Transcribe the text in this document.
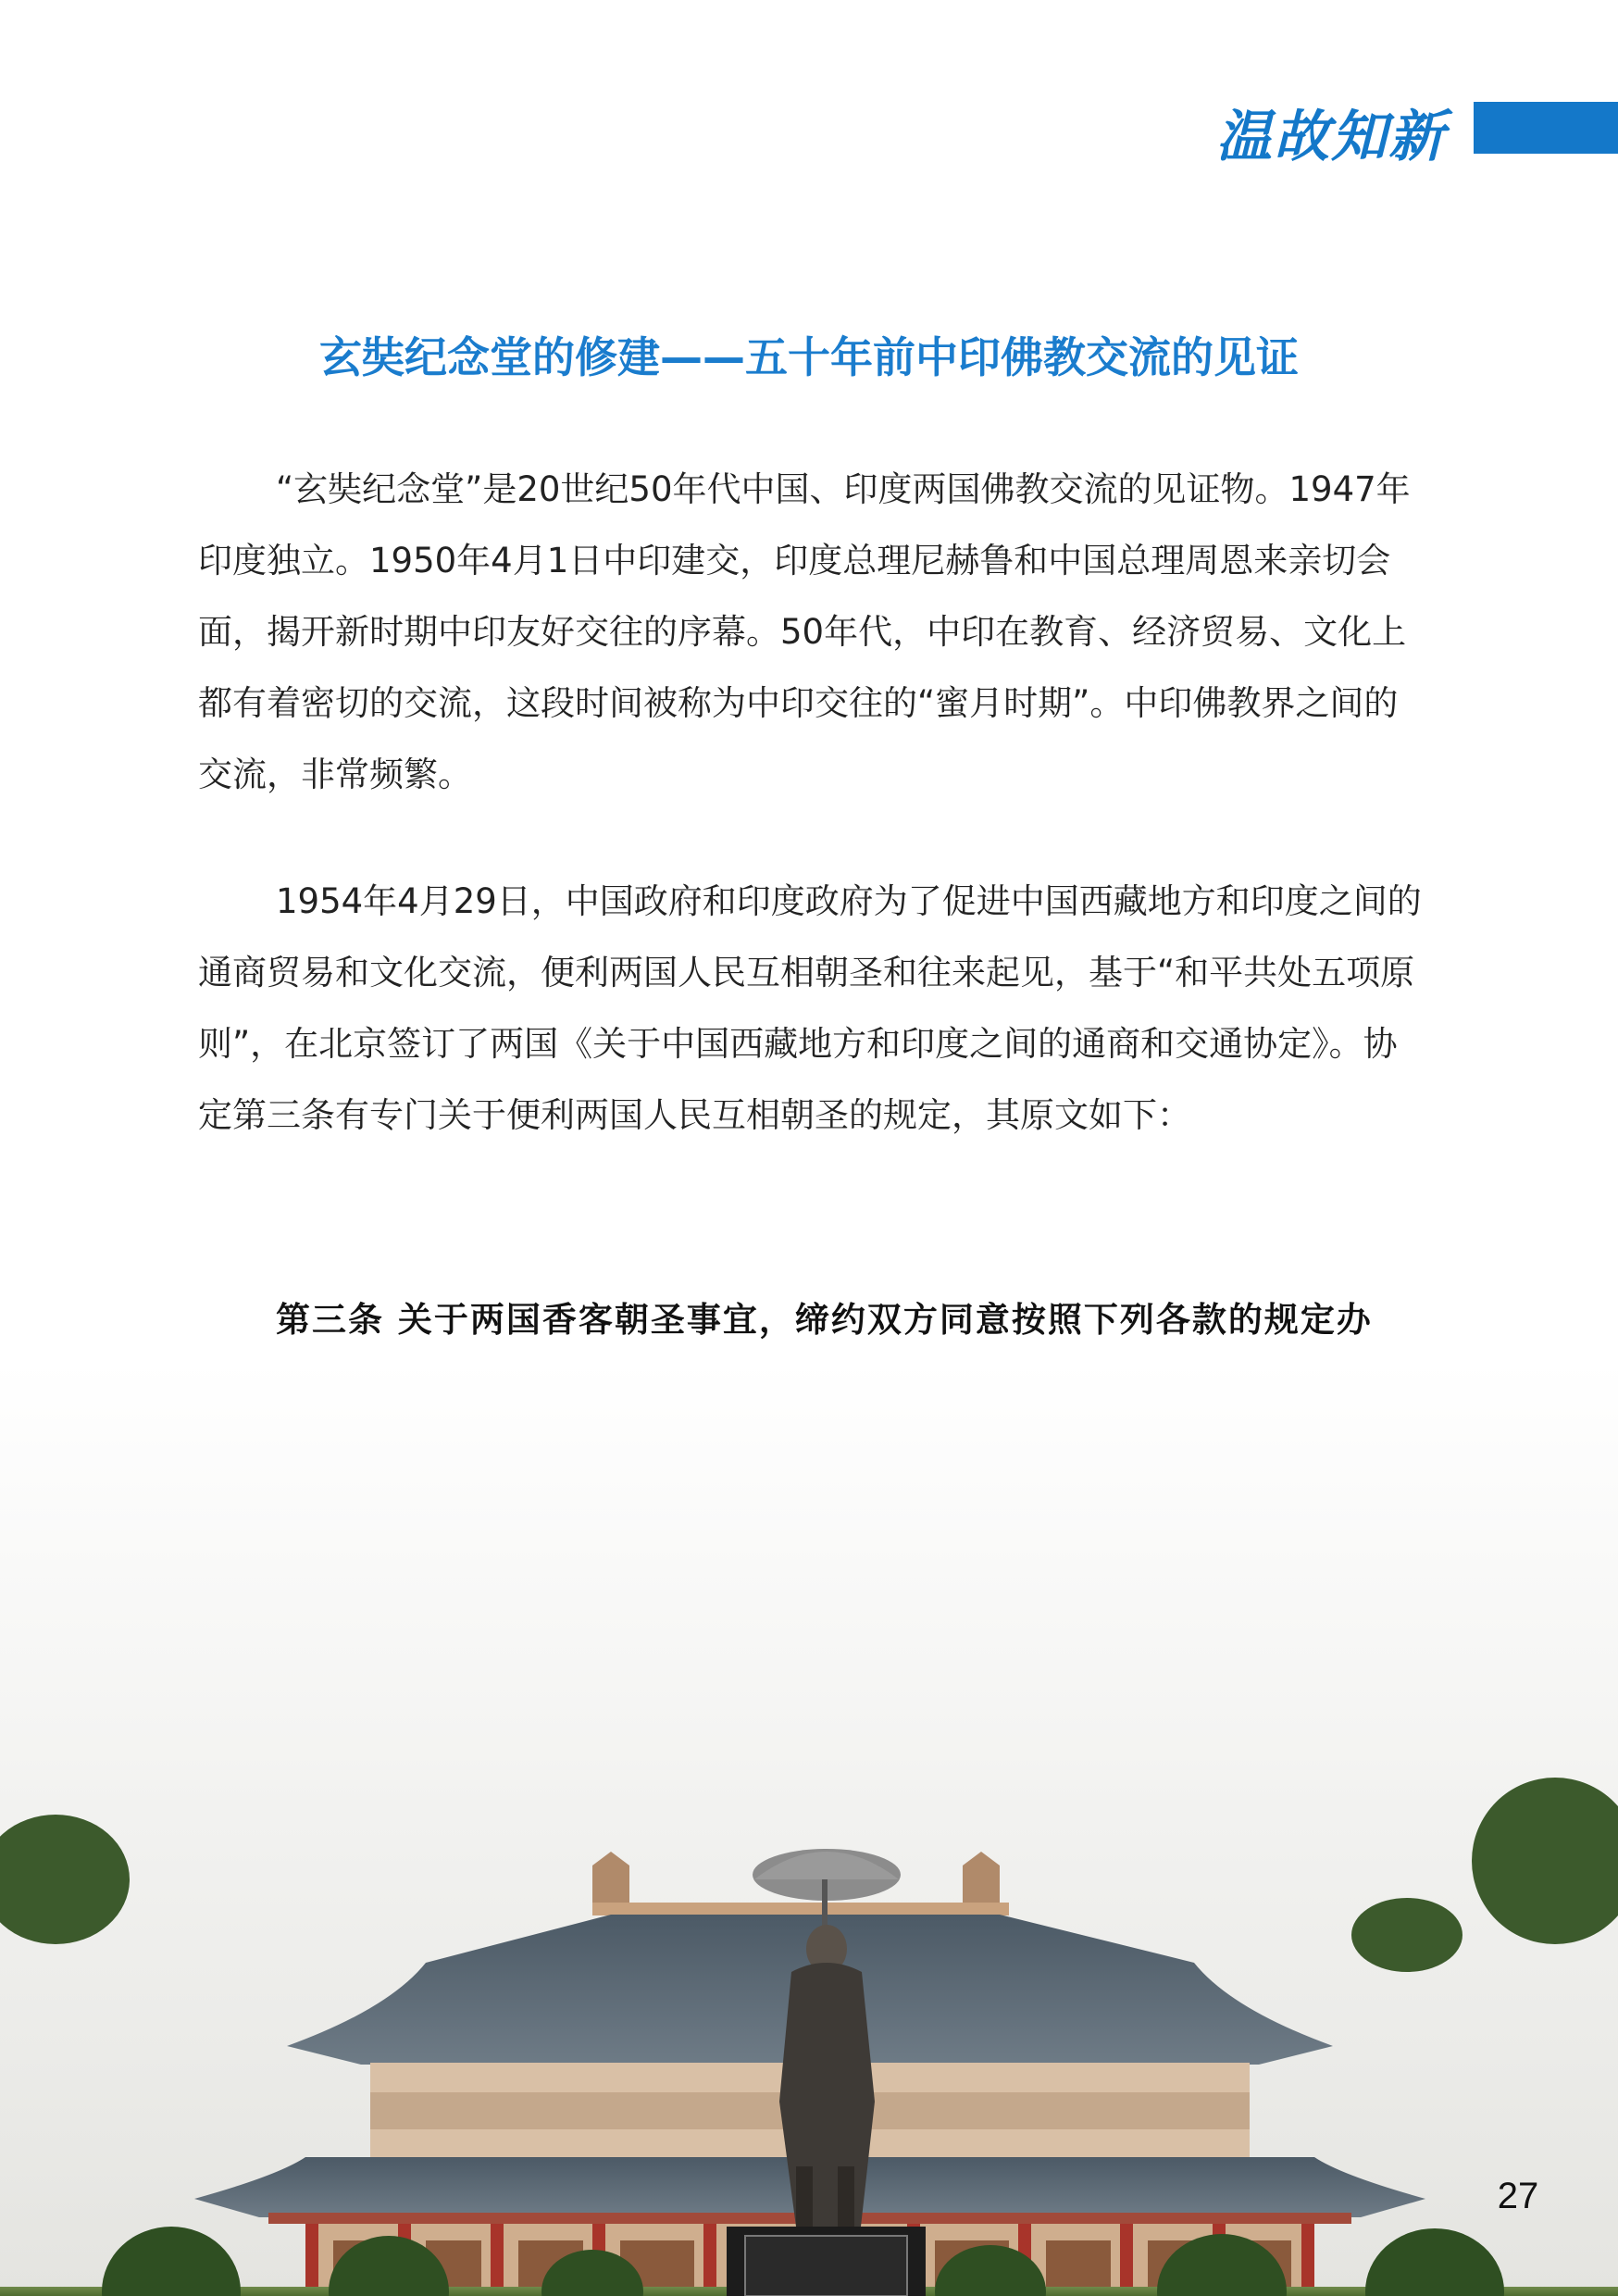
温故知新
玄奘纪念堂的修建——五十年前中印佛教交流的见证

“玄奘纪念堂”是20世纪50年代中国、印度两国佛教交流的见证物。1947年印度独立。1950年4月1日中印建交，印度总理尼赫鲁和中国总理周恩来亲切会面，揭开新时期中印友好交往的序幕。50年代，中印在教育、经济贸易、文化上都有着密切的交流，这段时间被称为中印交往的“蜜月时期”。中印佛教界之间的交流，非常频繁。

1954年4月29日，中国政府和印度政府为了促进中国西藏地方和印度之间的通商贸易和文化交流，便利两国人民互相朝圣和往来起见，基于“和平共处五项原则”，在北京签订了两国《关于中国西藏地方和印度之间的通商和交通协定》。协定第三条有专门关于便利两国人民互相朝圣的规定，其原文如下：

第三条 关于两国香客朝圣事宜，缔约双方同意按照下列各款的规定办

27
